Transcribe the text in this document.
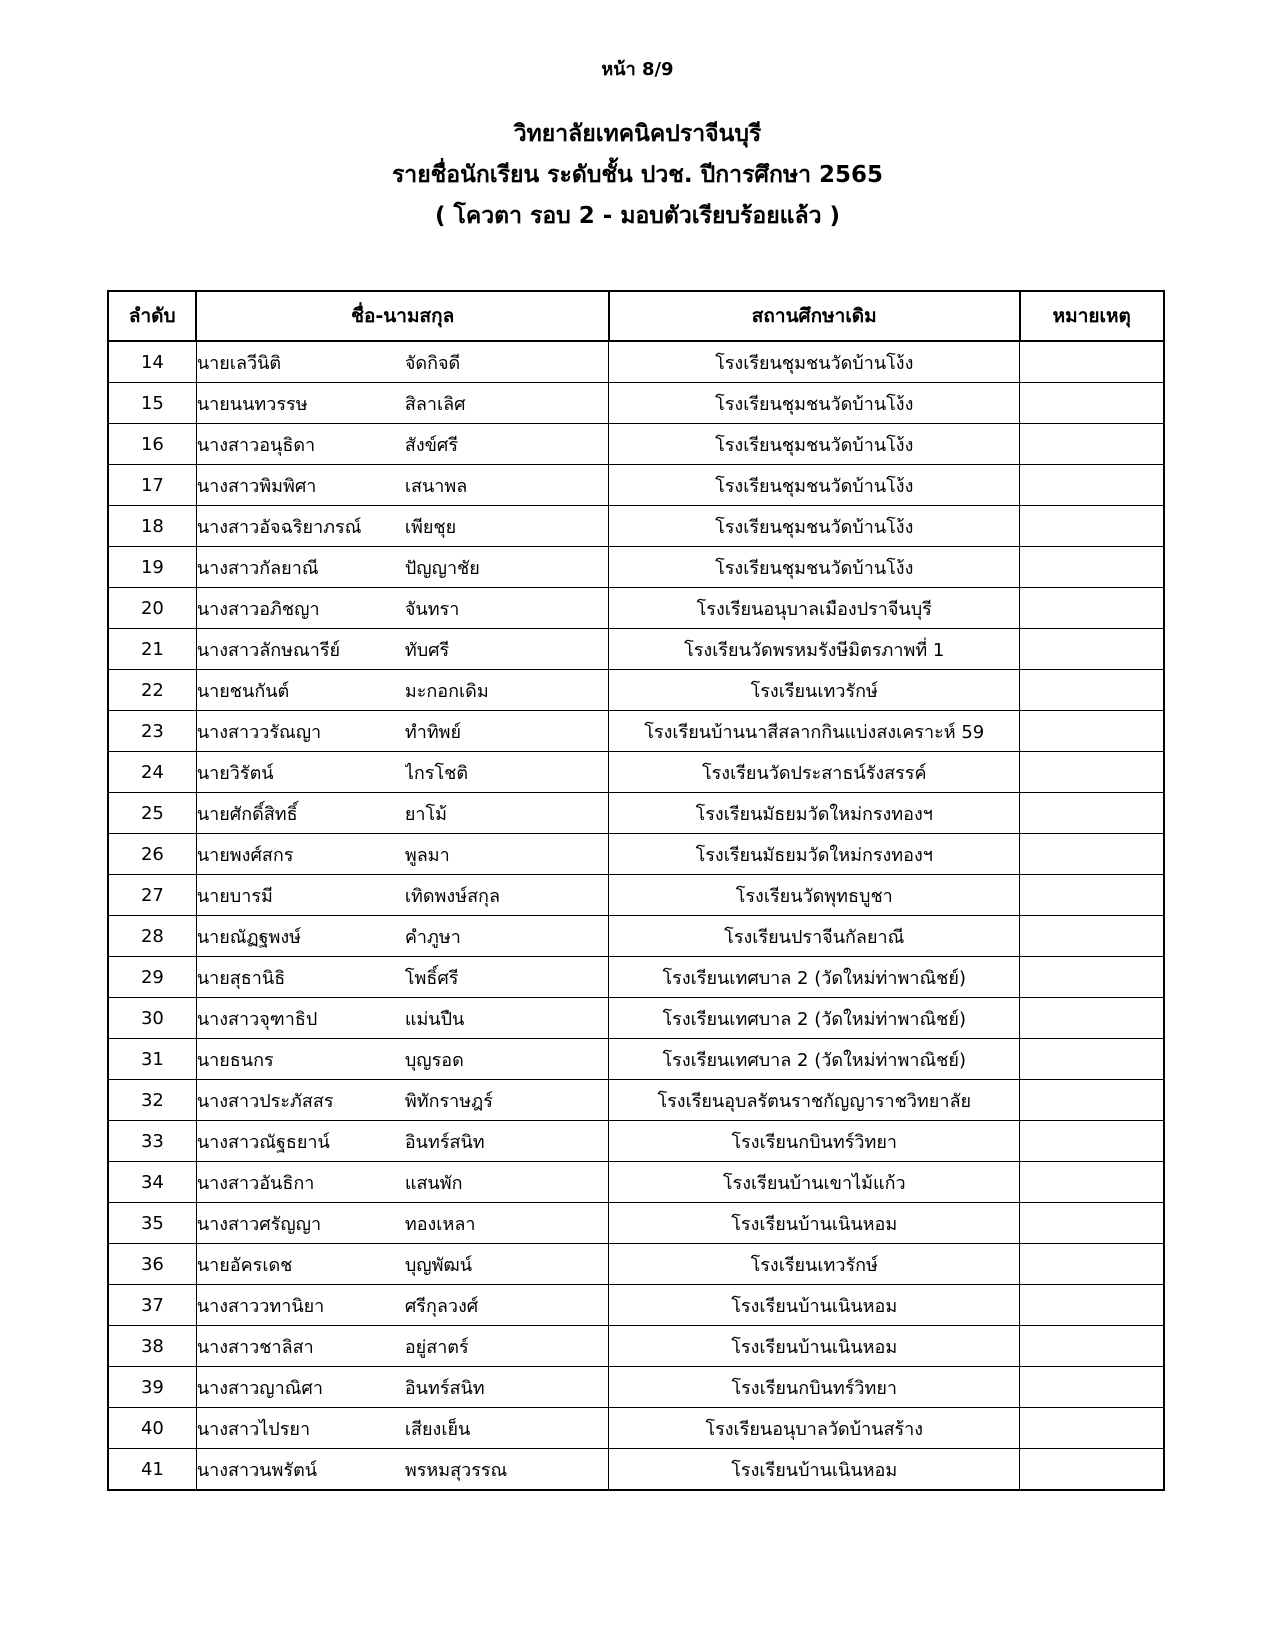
หน้า 8/9
วิทยาลัยเทคนิคปราจีนบุรี
รายชื่อนักเรียน ระดับชั้น ปวช. ปีการศึกษา 2565
( โควตา รอบ 2 - มอบตัวเรียบร้อยแล้ว )
ลำดับ	ชื่อ-นามสกุล	สถานศึกษาเดิม	หมายเหตุ
14	นายเลวีนิติ จัดกิจดี	โรงเรียนชุมชนวัดบ้านโง้ง	
15	นายนนทวรรษ สิลาเลิศ	โรงเรียนชุมชนวัดบ้านโง้ง	
16	นางสาวอนุธิดา สังข์ศรี	โรงเรียนชุมชนวัดบ้านโง้ง	
17	นางสาวพิมพิศา เสนาพล	โรงเรียนชุมชนวัดบ้านโง้ง	
18	นางสาวอัจฉริยาภรณ์ เพียชุย	โรงเรียนชุมชนวัดบ้านโง้ง	
19	นางสาวกัลยาณี ปัญญาชัย	โรงเรียนชุมชนวัดบ้านโง้ง	
20	นางสาวอภิชญา จันทรา	โรงเรียนอนุบาลเมืองปราจีนบุรี	
21	นางสาวลักษณารีย์ ทับศรี	โรงเรียนวัดพรหมรังษีมิตรภาพที่ 1	
22	นายชนกันต์ มะกอกเดิม	โรงเรียนเทวรักษ์	
23	นางสาววรัณญา ทำทิพย์	โรงเรียนบ้านนาสีสลากกินแบ่งสงเคราะห์ 59	
24	นายวิรัตน์ ไกรโชติ	โรงเรียนวัดประสาธน์รังสรรค์	
25	นายศักดิ์สิทธิ์ ยาโม้	โรงเรียนมัธยมวัดใหม่กรงทองฯ	
26	นายพงศ์สกร พูลมา	โรงเรียนมัธยมวัดใหม่กรงทองฯ	
27	นายบารมี เทิดพงษ์สกุล	โรงเรียนวัดพุทธบูชา	
28	นายณัฏฐพงษ์ คำภูษา	โรงเรียนปราจีนกัลยาณี	
29	นายสุธานิธิ โพธิ์ศรี	โรงเรียนเทศบาล 2 (วัดใหม่ท่าพาณิชย์)	
30	นางสาวจุฑาธิป แม่นปืน	โรงเรียนเทศบาล 2 (วัดใหม่ท่าพาณิชย์)	
31	นายธนกร บุญรอด	โรงเรียนเทศบาล 2 (วัดใหม่ท่าพาณิชย์)	
32	นางสาวประภัสสร พิทักราษฎร์	โรงเรียนอุบลรัตนราชกัญญาราชวิทยาลัย	
33	นางสาวณัฐธยาน์ อินทร์สนิท	โรงเรียนกบินทร์วิทยา	
34	นางสาวอันธิกา แสนพัก	โรงเรียนบ้านเขาไม้แก้ว	
35	นางสาวศรัญญา ทองเหลา	โรงเรียนบ้านเนินหอม	
36	นายอัครเดช บุญพัฒน์	โรงเรียนเทวรักษ์	
37	นางสาววทานิยา ศรีกุลวงศ์	โรงเรียนบ้านเนินหอม	
38	นางสาวชาลิสา อยู่สาตร์	โรงเรียนบ้านเนินหอม	
39	นางสาวญาณิศา อินทร์สนิท	โรงเรียนกบินทร์วิทยา	
40	นางสาวไปรยา เสียงเย็น	โรงเรียนอนุบาลวัดบ้านสร้าง	
41	นางสาวนพรัตน์ พรหมสุวรรณ	โรงเรียนบ้านเนินหอม	
